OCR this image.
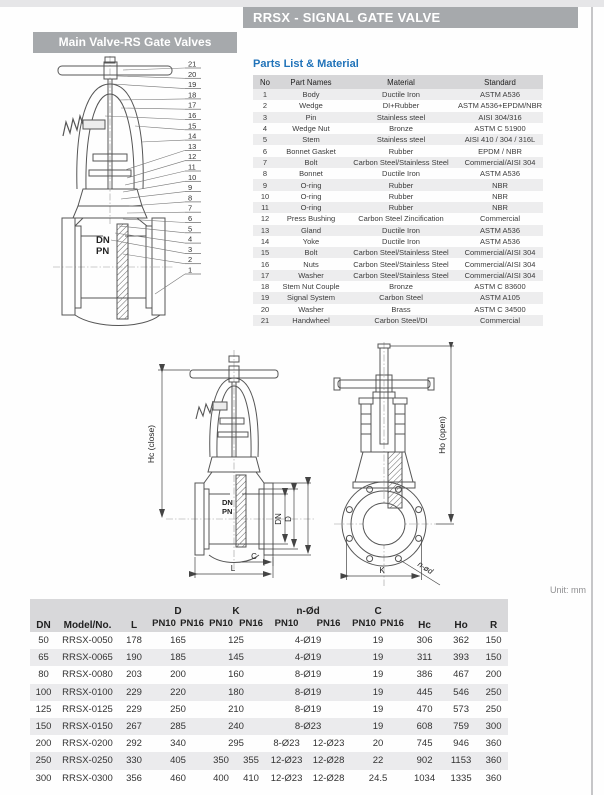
RRSX - SIGNAL GATE VALVE
Main Valve-RS Gate Valves
DN
PN
21
20
19
18
17
16
15
14
13
12
11
10
9
8
7
6
5
4
3
2
1
Parts List & Material
No	Part Names	Material	Standard
1	Body	Ductile Iron	ASTM A536
2	Wedge	DI+Rubber	ASTM A536+EPDM/NBR
3	Pin	Stainless steel	AISI 304/316
4	Wedge Nut	Bronze	ASTM C 51900
5	Stem	Stainless steel	AISI 410 / 304 / 316L
6	Bonnet Gasket	Rubber	EPDM / NBR
7	Bolt	Carbon Steel/Stainless Steel	Commercial/AISI 304
8	Bonnet	Ductile Iron	ASTM A536
9	O-ring	Rubber	NBR
10	O-ring	Rubber	NBR
11	O-ring	Rubber	NBR
12	Press Bushing	Carbon Steel Zincification	Commercial
13	Gland	Ductile Iron	ASTM A536
14	Yoke	Ductile Iron	ASTM A536
15	Bolt	Carbon Steel/Stainless Steel	Commercial/AISI 304
16	Nuts	Carbon Steel/Stainless Steel	Commercial/AISI 304
17	Washer	Carbon Steel/Stainless Steel	Commercial/AISI 304
18	Stem Nut Couple	Bronze	ASTM C 83600
19	Signal System	Carbon Steel	ASTM A105
20	Washer	Brass	ASTM C 34500
21	Handwheel	Carbon Steel/DI	Commercial
DN
PN
Hc (close)
DN D
C
L
Ho (open)
K	n-ød
Unit: mm
DN	Model/No.	L	D		K		n-Ød		C		Hc	Ho	R
			PN10	PN16	PN10	PN16	PN10	PN16	PN10	PN16			
50	RRSX-0050	178	165		125		4-Ø19		19		306	362	150
65	RRSX-0065	190	185		145		4-Ø19		19		311	393	150
80	RRSX-0080	203	200		160		8-Ø19		19		386	467	200
100	RRSX-0100	229	220		180		8-Ø19		19		445	546	250
125	RRSX-0125	229	250		210		8-Ø19		19		470	573	250
150	RRSX-0150	267	285		240		8-Ø23		19		608	759	300
200	RRSX-0200	292	340		295		8-Ø23	12-Ø23	20		745	946	360
250	RRSX-0250	330	405		350	355	12-Ø23	12-Ø28	22		902	1153	360
300	RRSX-0300	356	460		400	410	12-Ø23	12-Ø28	24.5		1034	1335	360
